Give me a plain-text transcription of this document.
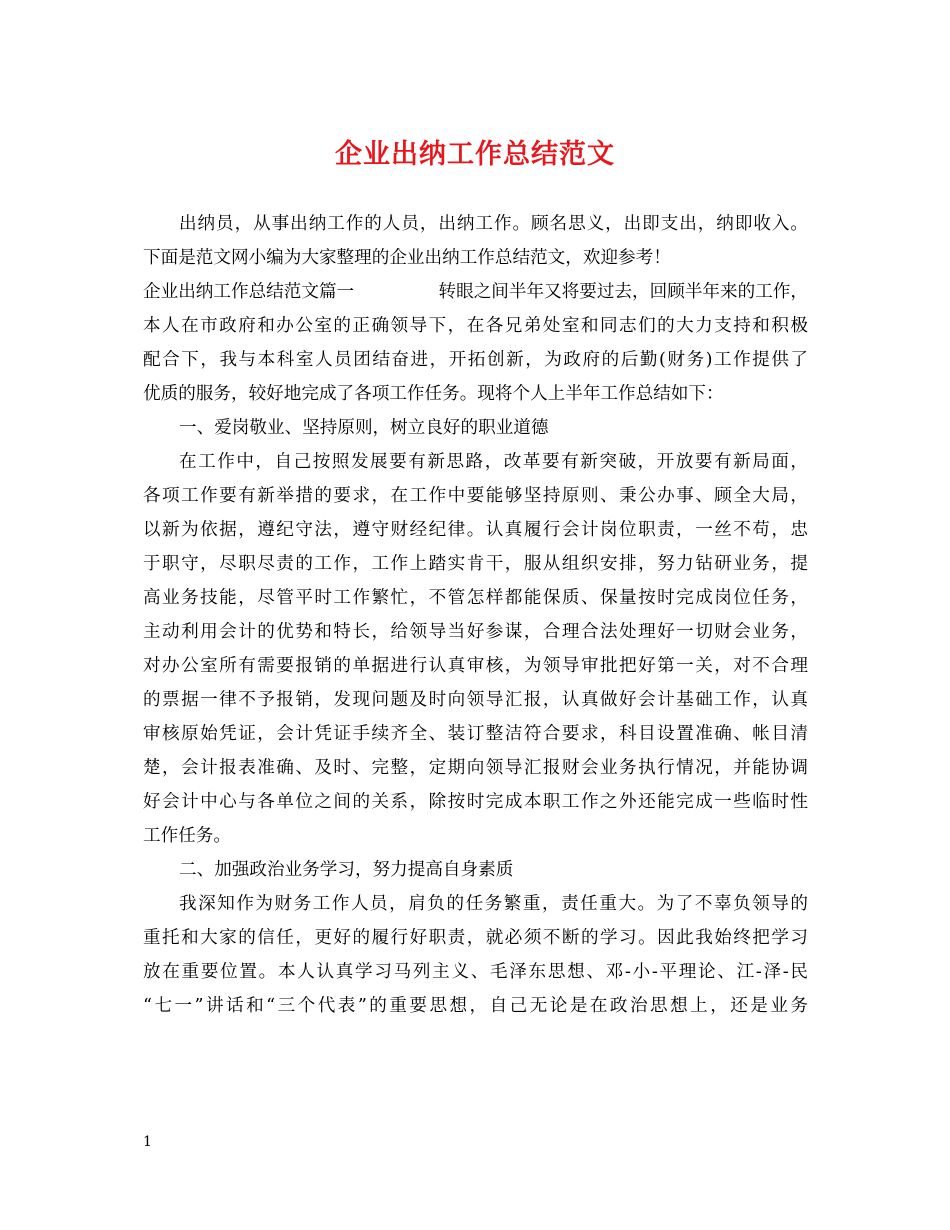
企业出纳工作总结范文
出纳员，从事出纳工作的人员，出纳工作。顾名思义，出即支出，纳即收入。
下面是范文网小编为大家整理的企业出纳工作总结范文，欢迎参考！
企业出纳工作总结范文篇一	转眼之间半年又将要过去，回顾半年来的工作，
本人在市政府和办公室的正确领导下，在各兄弟处室和同志们的大力支持和积极
配合下，我与本科室人员团结奋进，开拓创新，为政府的后勤(财务)工作提供了
优质的服务，较好地完成了各项工作任务。现将个人上半年工作总结如下：
一、爱岗敬业、坚持原则，树立良好的职业道德
在工作中，自己按照发展要有新思路，改革要有新突破，开放要有新局面，
各项工作要有新举措的要求，在工作中要能够坚持原则、秉公办事、顾全大局，
以新为依据，遵纪守法，遵守财经纪律。认真履行会计岗位职责，一丝不苟，忠
于职守，尽职尽责的工作，工作上踏实肯干，服从组织安排，努力钻研业务，提
高业务技能，尽管平时工作繁忙，不管怎样都能保质、保量按时完成岗位任务，
主动利用会计的优势和特长，给领导当好参谋，合理合法处理好一切财会业务，
对办公室所有需要报销的单据进行认真审核，为领导审批把好第一关，对不合理
的票据一律不予报销，发现问题及时向领导汇报，认真做好会计基础工作，认真
审核原始凭证，会计凭证手续齐全、装订整洁符合要求，科目设置准确、帐目清
楚，会计报表准确、及时、完整，定期向领导汇报财会业务执行情况，并能协调
好会计中心与各单位之间的关系，除按时完成本职工作之外还能完成一些临时性
工作任务。
二、加强政治业务学习，努力提高自身素质
我深知作为财务工作人员，肩负的任务繁重，责任重大。为了不辜负领导的
重托和大家的信任，更好的履行好职责，就必须不断的学习。因此我始终把学习
放在重要位置。本人认真学习马列主义、毛泽东思想、邓-小-平理论、江-泽-民
“七一”讲话和“三个代表”的重要思想，自己无论是在政治思想上，还是业务
1
